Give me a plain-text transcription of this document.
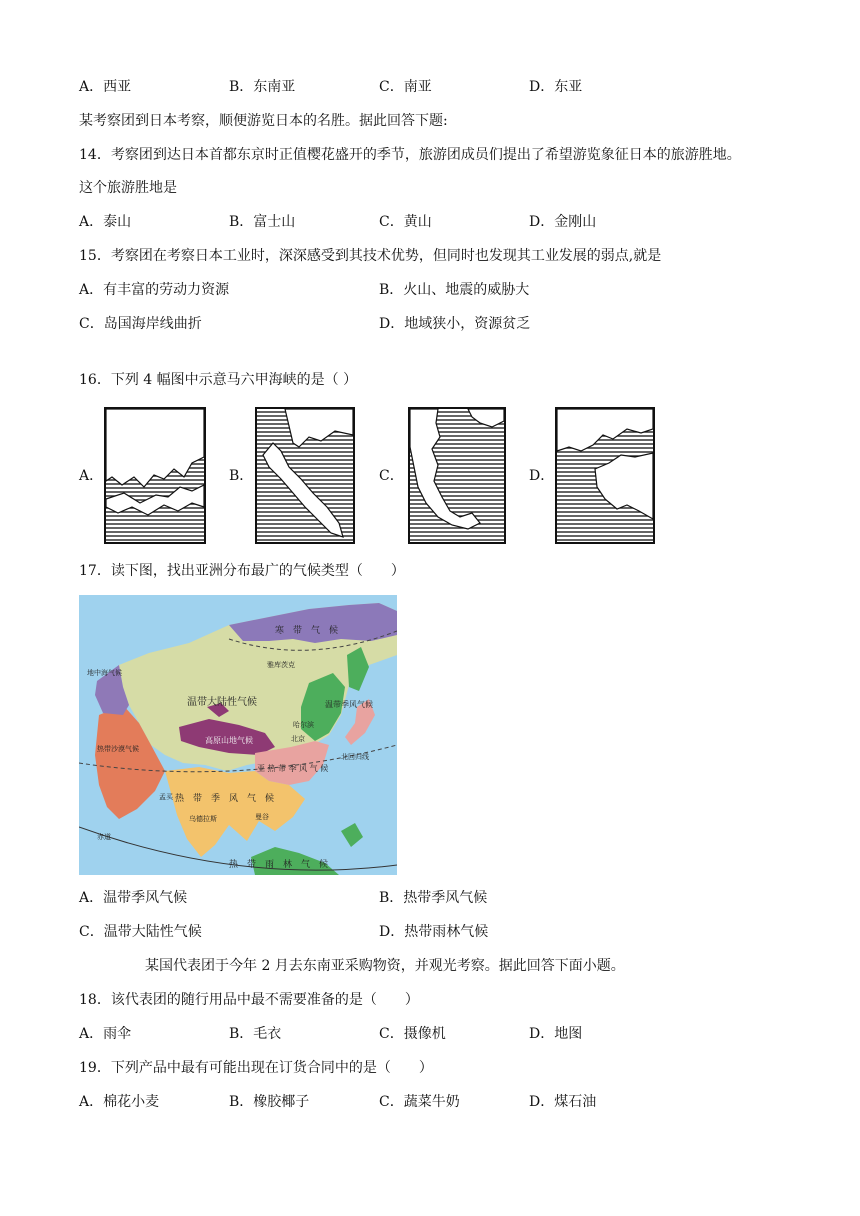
A．西亚	B．东南亚	C．南亚	D．东亚
某考察团到日本考察，顺便游览日本的名胜。据此回答下题:
14．考察团到达日本首都东京时正值樱花盛开的季节，旅游团成员们提出了希望游览象征日本的旅游胜地。
这个旅游胜地是
A．泰山	B．富士山	C．黄山	D．金刚山
15．考察团在考察日本工业时，深深感受到其技术优势，但同时也发现其工业发展的弱点,就是
A．有丰富的劳动力资源	B．火山、地震的威胁大
C．岛国海岸线曲折	D．地域狭小，资源贫乏
16．下列 4 幅图中示意马六甲海峡的是（ ）
A．	B．	C．	D．
17．读下图，找出亚洲分布最广的气候类型（　　）
寒　带　气　候
雅库茨克
温带大陆性气候	温带季风气候
哈尔滨
北京
地中海气候
高原山地气候
热带沙漠气候
亚 热 带 季 风 气 候
热　带　季　风　气　候
孟买
乌德拉斯	曼谷
热　带　雨　林　气　候
北回归线
赤道
A．温带季风气候	B．热带季风气候
C．温带大陆性气候	D．热带雨林气候
某国代表团于今年 2 月去东南亚采购物资，并观光考察。据此回答下面小题。
18．该代表团的随行用品中最不需要准备的是（　　）
A．雨伞	B．毛衣	C．摄像机	D．地图
19．下列产品中最有可能出现在订货合同中的是（　　）
A．棉花小麦	B．橡胶椰子	C．蔬菜牛奶	D．煤石油
